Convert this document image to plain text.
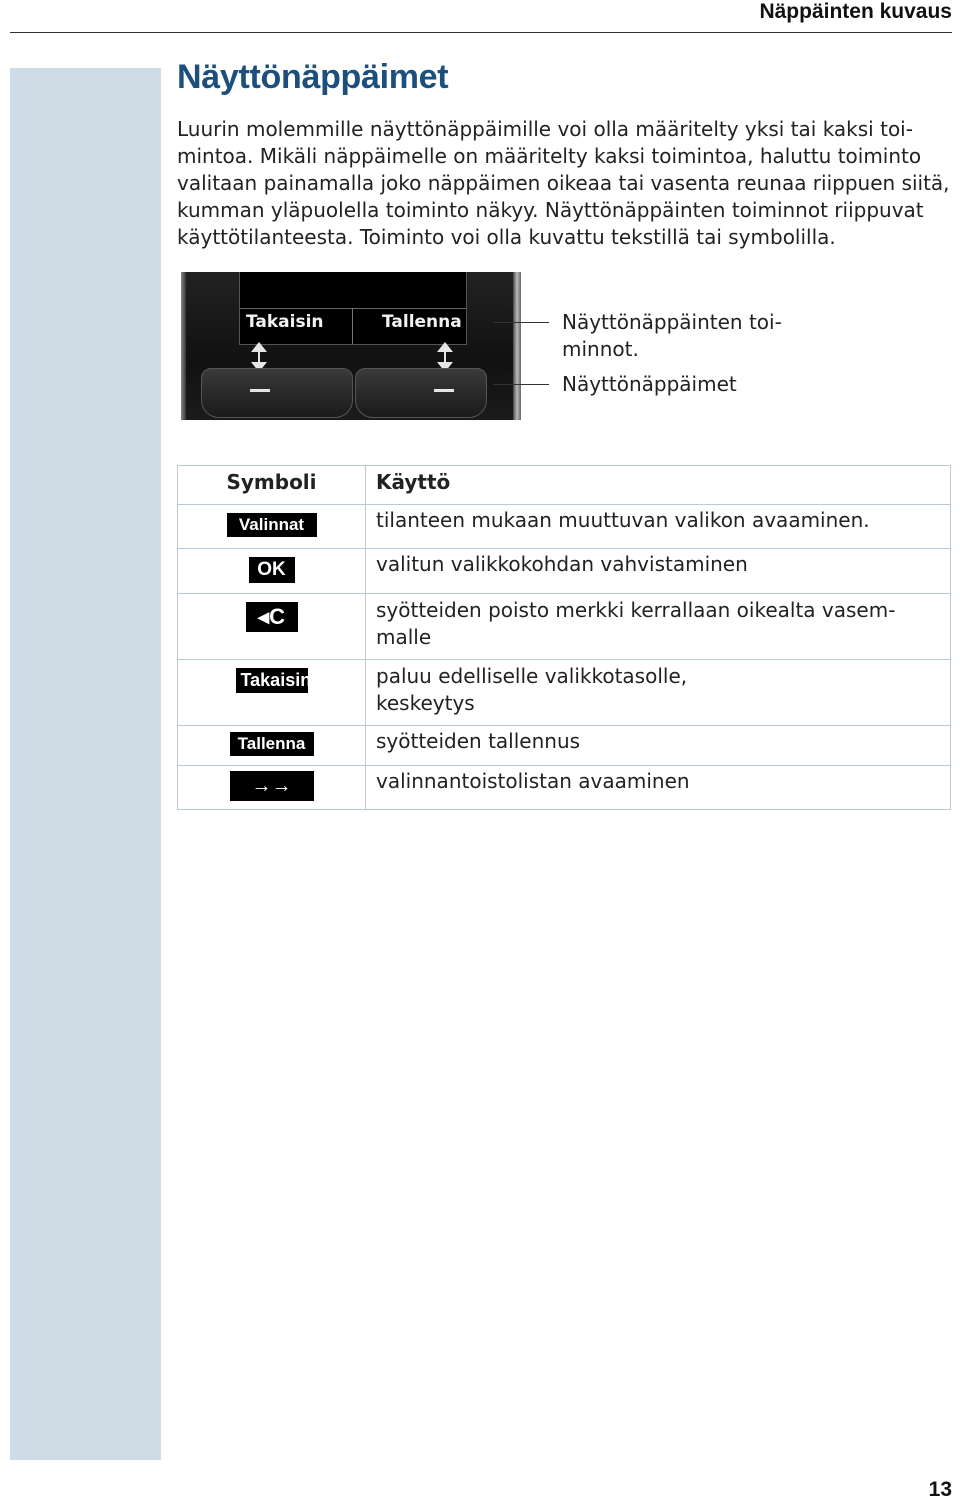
Näppäinten kuvaus
Näyttönäppäimet

Luurin molemmille näyttönäppäimille voi olla määritelty yksi tai kaksi toi-
mintoa. Mikäli näppäimelle on määritelty kaksi toimintoa, haluttu toiminto
valitaan painamalla joko näppäimen oikeaa tai vasenta reunaa riippuen siitä,
kumman yläpuolella toiminto näkyy. Näyttönäppäinten toiminnot riippuvat
käyttötilanteesta. Toiminto voi olla kuvattu tekstillä tai symbolilla.

Takaisin	Tallenna	Näyttönäppäinten toi-
minnot.
Näyttönäppäimet
Symboli	Käyttö

Valinnat	tilanteen mukaan muuttuvan valikon avaaminen.

OK	valitun valikkokohdan vahvistaminen

◂C	syötteiden poisto merkki kerrallaan oikealta vasem-
malle

Takaisin	paluu edelliselle valikkotasolle,
keskeytys

Tallenna	syötteiden tallennus

→→	valinnantoistolistan avaaminen
13
